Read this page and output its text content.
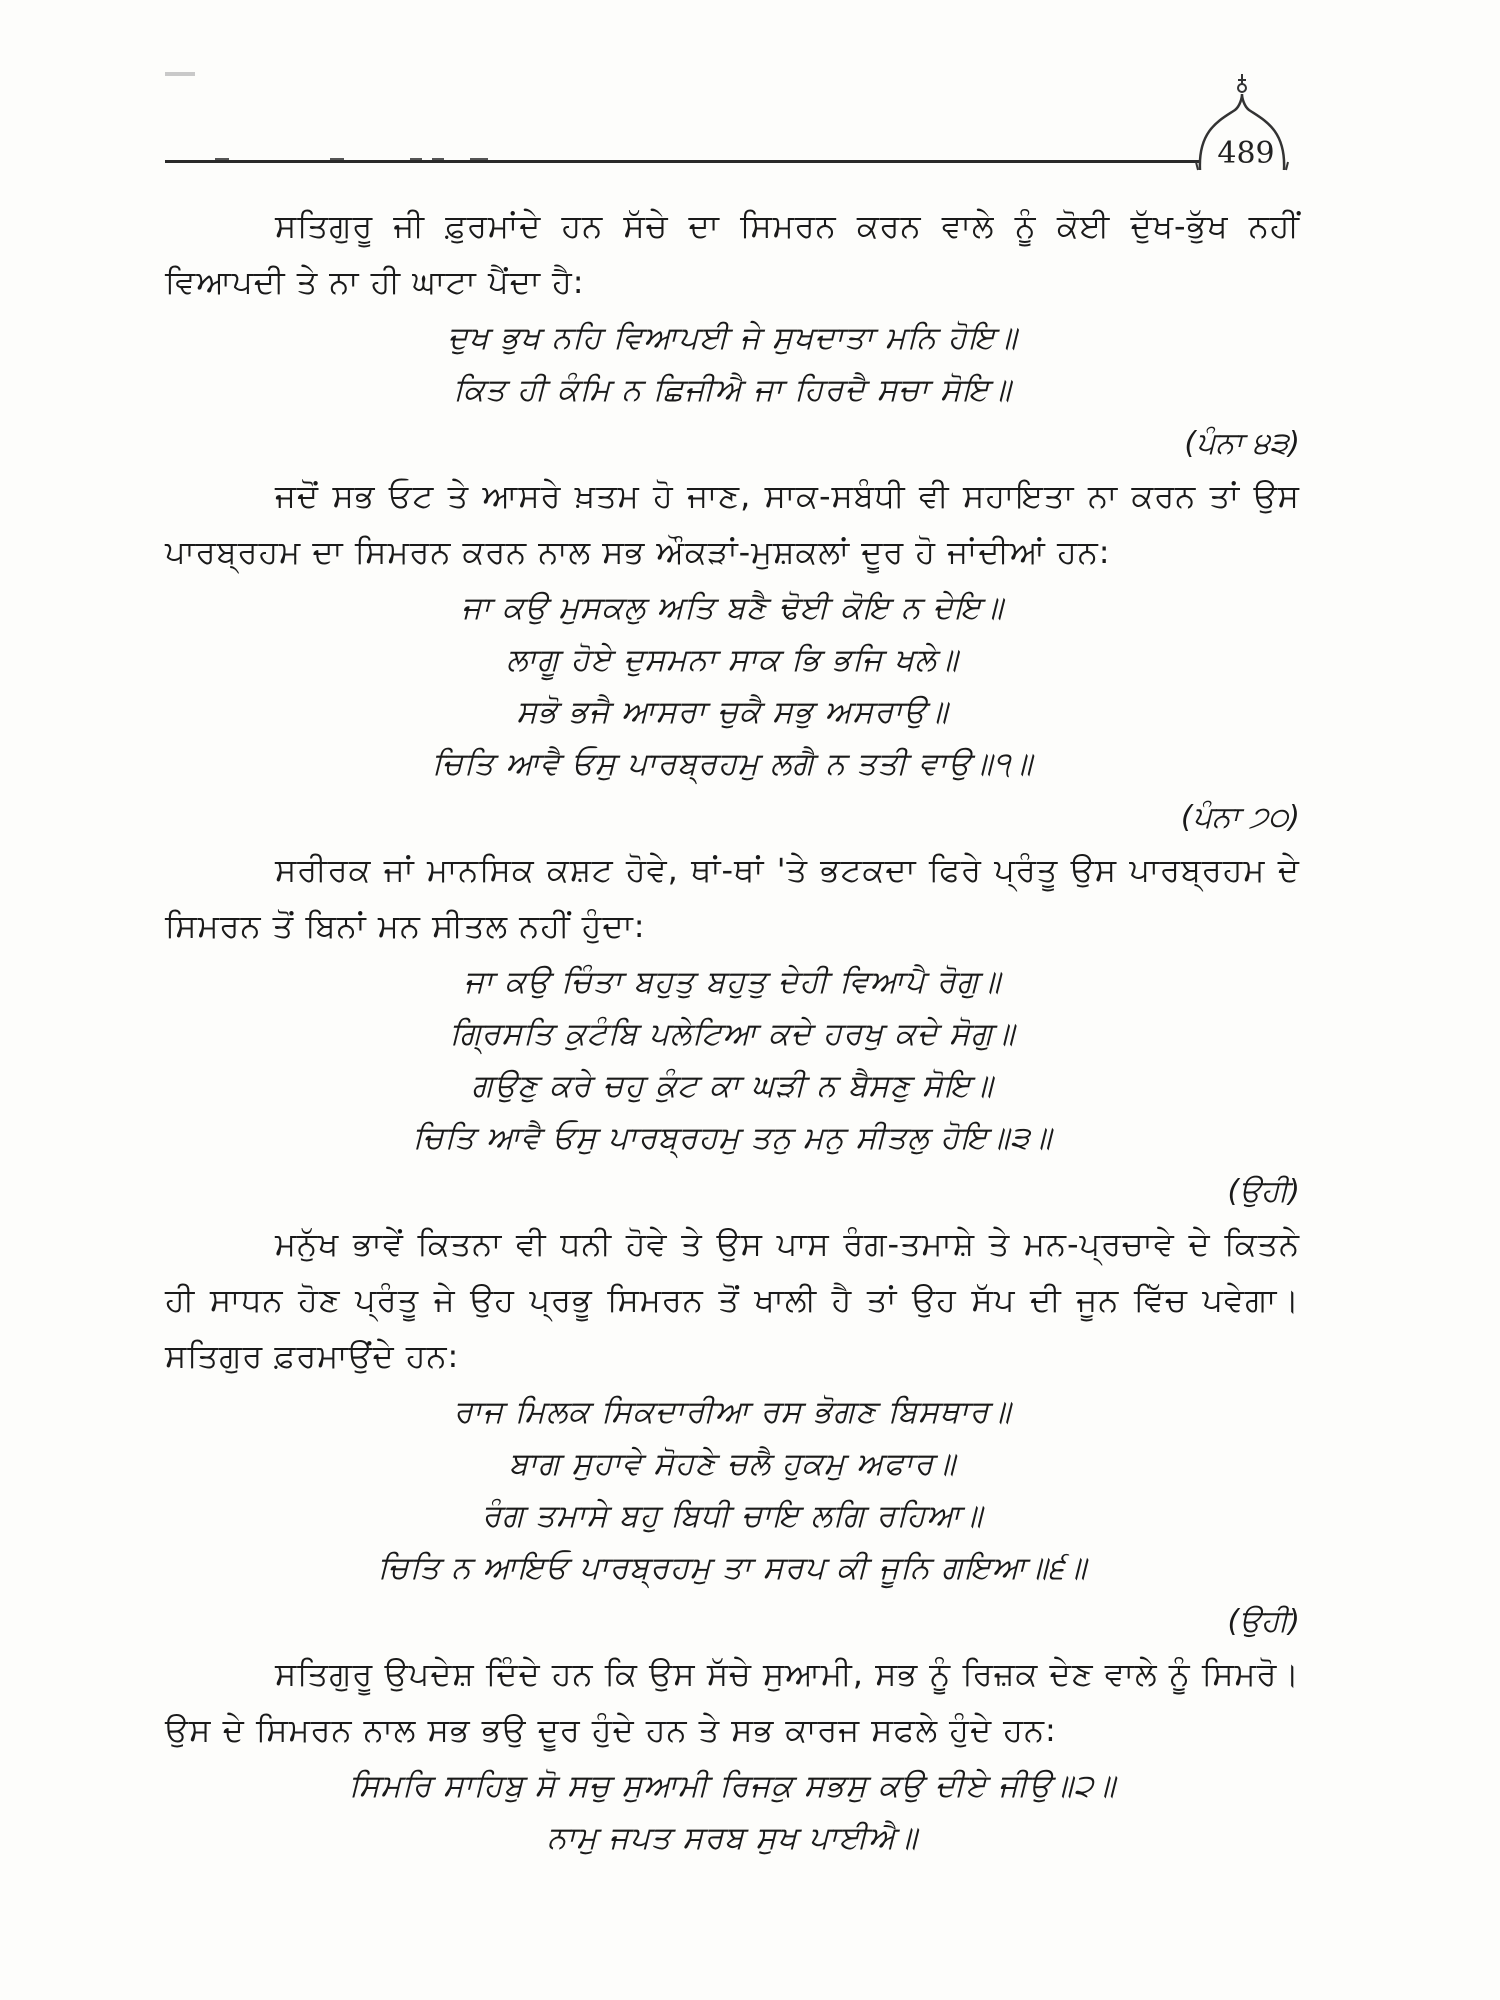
489

ਸਤਿਗੁਰੂ ਜੀ ਫ਼ੁਰਮਾਂਦੇ ਹਨ ਸੱਚੇ ਦਾ ਸਿਮਰਨ ਕਰਨ ਵਾਲੇ ਨੂੰ ਕੋਈ ਦੁੱਖ-ਭੁੱਖ ਨਹੀਂ ਵਿਆਪਦੀ ਤੇ ਨਾ ਹੀ ਘਾਟਾ ਪੈਂਦਾ ਹੈ:

ਦੁਖ ਭੁਖ ਨਹਿ ਵਿਆਪਈ ਜੇ ਸੁਖਦਾਤਾ ਮਨਿ ਹੋਇ॥

ਕਿਤ ਹੀ ਕੰਮਿ ਨ ਛਿਜੀਐ ਜਾ ਹਿਰਦੈ ਸਚਾ ਸੋਇ॥

(ਪੰਨਾ ੪੩)

ਜਦੋਂ ਸਭ ਓਟ ਤੇ ਆਸਰੇ ਖ਼ਤਮ ਹੋ ਜਾਣ, ਸਾਕ-ਸਬੰਧੀ ਵੀ ਸਹਾਇਤਾ ਨਾ ਕਰਨ ਤਾਂ ਉਸ ਪਾਰਬ੍ਰਹਮ ਦਾ ਸਿਮਰਨ ਕਰਨ ਨਾਲ ਸਭ ਔਕੜਾਂ-ਮੁਸ਼ਕਲਾਂ ਦੂਰ ਹੋ ਜਾਂਦੀਆਂ ਹਨ:

ਜਾ ਕਉ ਮੁਸਕਲੁ ਅਤਿ ਬਣੈ ਢੋਈ ਕੋਇ ਨ ਦੇਇ॥

ਲਾਗੂ ਹੋਏ ਦੁਸਮਨਾ ਸਾਕ ਭਿ ਭਜਿ ਖਲੇ॥

ਸਭੋ ਭਜੈ ਆਸਰਾ ਚੁਕੈ ਸਭੁ ਅਸਰਾਉ॥

ਚਿਤਿ ਆਵੈ ਓਸੁ ਪਾਰਬ੍ਰਹਮੁ ਲਗੈ ਨ ਤਤੀ ਵਾਉ॥੧॥

(ਪੰਨਾ ੭੦)

ਸਰੀਰਕ ਜਾਂ ਮਾਨਸਿਕ ਕਸ਼ਟ ਹੋਵੇ, ਥਾਂ-ਥਾਂ 'ਤੇ ਭਟਕਦਾ ਫਿਰੇ ਪ੍ਰੰਤੂ ਉਸ ਪਾਰਬ੍ਰਹਮ ਦੇ ਸਿਮਰਨ ਤੋਂ ਬਿਨਾਂ ਮਨ ਸੀਤਲ ਨਹੀਂ ਹੁੰਦਾ:

ਜਾ ਕਉ ਚਿੰਤਾ ਬਹੁਤੁ ਬਹੁਤੁ ਦੇਹੀ ਵਿਆਪੈ ਰੋਗੁ॥

ਗ੍ਰਿਸਤਿ ਕੁਟੰਬਿ ਪਲੇਟਿਆ ਕਦੇ ਹਰਖੁ ਕਦੇ ਸੋਗੁ॥

ਗਉਣੁ ਕਰੇ ਚਹੁ ਕੁੰਟ ਕਾ ਘੜੀ ਨ ਬੈਸਣੁ ਸੋਇ॥

ਚਿਤਿ ਆਵੈ ਓਸੁ ਪਾਰਬ੍ਰਹਮੁ ਤਨੁ ਮਨੁ ਸੀਤਲੁ ਹੋਇ॥੩॥

(ਉਹੀ)

ਮਨੁੱਖ ਭਾਵੇਂ ਕਿਤਨਾ ਵੀ ਧਨੀ ਹੋਵੇ ਤੇ ਉਸ ਪਾਸ ਰੰਗ-ਤਮਾਸ਼ੇ ਤੇ ਮਨ-ਪ੍ਰਚਾਵੇ ਦੇ ਕਿਤਨੇ ਹੀ ਸਾਧਨ ਹੋਣ ਪ੍ਰੰਤੂ ਜੇ ਉਹ ਪ੍ਰਭੂ ਸਿਮਰਨ ਤੋਂ ਖਾਲੀ ਹੈ ਤਾਂ ਉਹ ਸੱਪ ਦੀ ਜੂਨ ਵਿੱਚ ਪਵੇਗਾ। ਸਤਿਗੁਰ ਫ਼ਰਮਾਉਂਦੇ ਹਨ:

ਰਾਜ ਮਿਲਕ ਸਿਕਦਾਰੀਆ ਰਸ ਭੋਗਣ ਬਿਸਥਾਰ॥

ਬਾਗ ਸੁਹਾਵੇ ਸੋਹਣੇ ਚਲੈ ਹੁਕਮੁ ਅਫਾਰ॥

ਰੰਗ ਤਮਾਸੇ ਬਹੁ ਬਿਧੀ ਚਾਇ ਲਗਿ ਰਹਿਆ॥

ਚਿਤਿ ਨ ਆਇਓ ਪਾਰਬ੍ਰਹਮੁ ਤਾ ਸਰਪ ਕੀ ਜੂਨਿ ਗਇਆ॥੬॥

(ਉਹੀ)

ਸਤਿਗੁਰੂ ਉਪਦੇਸ਼ ਦਿੰਦੇ ਹਨ ਕਿ ਉਸ ਸੱਚੇ ਸੁਆਮੀ, ਸਭ ਨੂੰ ਰਿਜ਼ਕ ਦੇਣ ਵਾਲੇ ਨੂੰ ਸਿਮਰੋ। ਉਸ ਦੇ ਸਿਮਰਨ ਨਾਲ ਸਭ ਭਉ ਦੂਰ ਹੁੰਦੇ ਹਨ ਤੇ ਸਭ ਕਾਰਜ ਸਫਲੇ ਹੁੰਦੇ ਹਨ:

ਸਿਮਰਿ ਸਾਹਿਬੁ ਸੋ ਸਚੁ ਸੁਆਮੀ ਰਿਜਕੁ ਸਭਸੁ ਕਉ ਦੀਏ ਜੀਉ॥੨॥

ਨਾਮੁ ਜਪਤ ਸਰਬ ਸੁਖ ਪਾਈਐ॥
